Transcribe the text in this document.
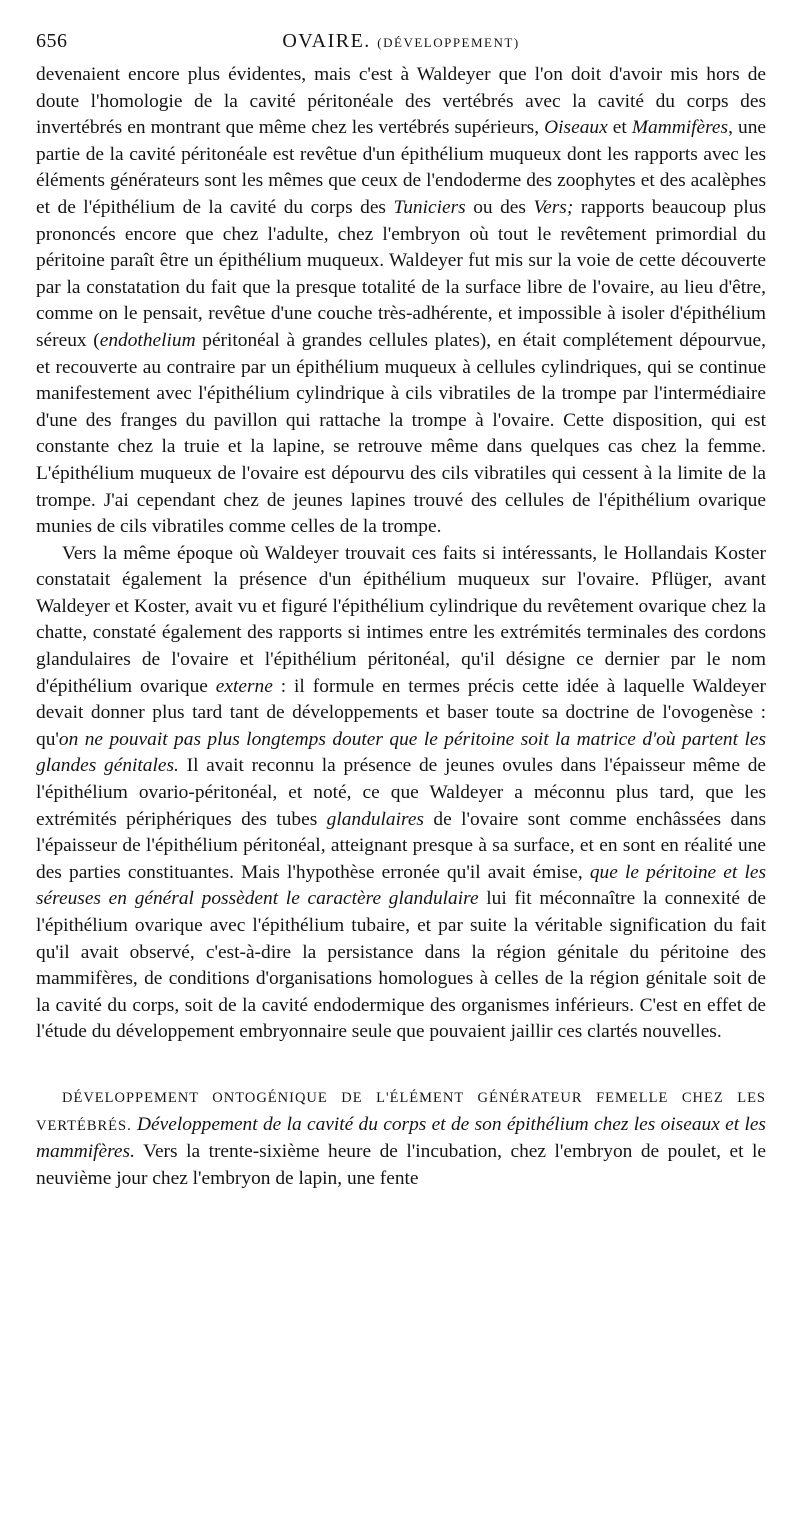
656	OVAIRE. (DÉVELOPPEMENT)

devenaient encore plus évidentes, mais c'est à Waldeyer que l'on doit d'avoir mis hors de doute l'homologie de la cavité péritonéale des vertébrés avec la cavité du corps des invertébrés en montrant que même chez les vertébrés supérieurs, Oiseaux et Mammifères, une partie de la cavité péritonéale est revêtue d'un épithélium muqueux dont les rapports avec les éléments générateurs sont les mêmes que ceux de l'endoderme des zoophytes et des acalèphes et de l'épithélium de la cavité du corps des Tuniciers ou des Vers; rapports beaucoup plus prononcés encore que chez l'adulte, chez l'embryon où tout le revêtement primordial du péritoine paraît être un épithélium muqueux. Waldeyer fut mis sur la voie de cette découverte par la constatation du fait que la presque totalité de la surface libre de l'ovaire, au lieu d'être, comme on le pensait, revêtue d'une couche très-adhérente, et impossible à isoler d'épithélium séreux (endothelium péritonéal à grandes cellules plates), en était complétement dépourvue, et recouverte au contraire par un épithélium muqueux à cellules cylindriques, qui se continue manifestement avec l'épithélium cylindrique à cils vibratiles de la trompe par l'intermédiaire d'une des franges du pavillon qui rattache la trompe à l'ovaire. Cette disposition, qui est constante chez la truie et la lapine, se retrouve même dans quelques cas chez la femme. L'épithélium muqueux de l'ovaire est dépourvu des cils vibratiles qui cessent à la limite de la trompe. J'ai cependant chez de jeunes lapines trouvé des cellules de l'épithélium ovarique munies de cils vibratiles comme celles de la trompe.

Vers la même époque où Waldeyer trouvait ces faits si intéressants, le Hollandais Koster constatait également la présence d'un épithélium muqueux sur l'ovaire. Pflüger, avant Waldeyer et Koster, avait vu et figuré l'épithélium cylindrique du revêtement ovarique chez la chatte, constaté également des rapports si intimes entre les extrémités terminales des cordons glandulaires de l'ovaire et l'épithélium péritonéal, qu'il désigne ce dernier par le nom d'épithélium ovarique externe : il formule en termes précis cette idée à laquelle Waldeyer devait donner plus tard tant de développements et baser toute sa doctrine de l'ovogenèse : qu'on ne pouvait pas plus longtemps douter que le péritoine soit la matrice d'où partent les glandes génitales. Il avait reconnu la présence de jeunes ovules dans l'épaisseur même de l'épithélium ovario-péritonéal, et noté, ce que Waldeyer a méconnu plus tard, que les extrémités périphériques des tubes glandulaires de l'ovaire sont comme enchâssées dans l'épaisseur de l'épithélium péritonéal, atteignant presque à sa surface, et en sont en réalité une des parties constituantes. Mais l'hypothèse erronée qu'il avait émise, que le péritoine et les séreuses en général possèdent le caractère glandulaire lui fit méconnaître la connexité de l'épithélium ovarique avec l'épithélium tubaire, et par suite la véritable signification du fait qu'il avait observé, c'est-à-dire la persistance dans la région génitale du péritoine des mammifères, de conditions d'organisations homologues à celles de la région génitale soit de la cavité du corps, soit de la cavité endodermique des organismes inférieurs. C'est en effet de l'étude du développement embryonnaire seule que pouvaient jaillir ces clartés nouvelles.

DÉVELOPPEMENT ONTOGÉNIQUE DE L'ÉLÉMENT GÉNÉRATEUR FEMELLE CHEZ LES VERTÉBRÉS. Développement de la cavité du corps et de son épithélium chez les oiseaux et les mammifères. Vers la trente-sixième heure de l'incubation, chez l'embryon de poulet, et le neuvième jour chez l'embryon de lapin, une fente
